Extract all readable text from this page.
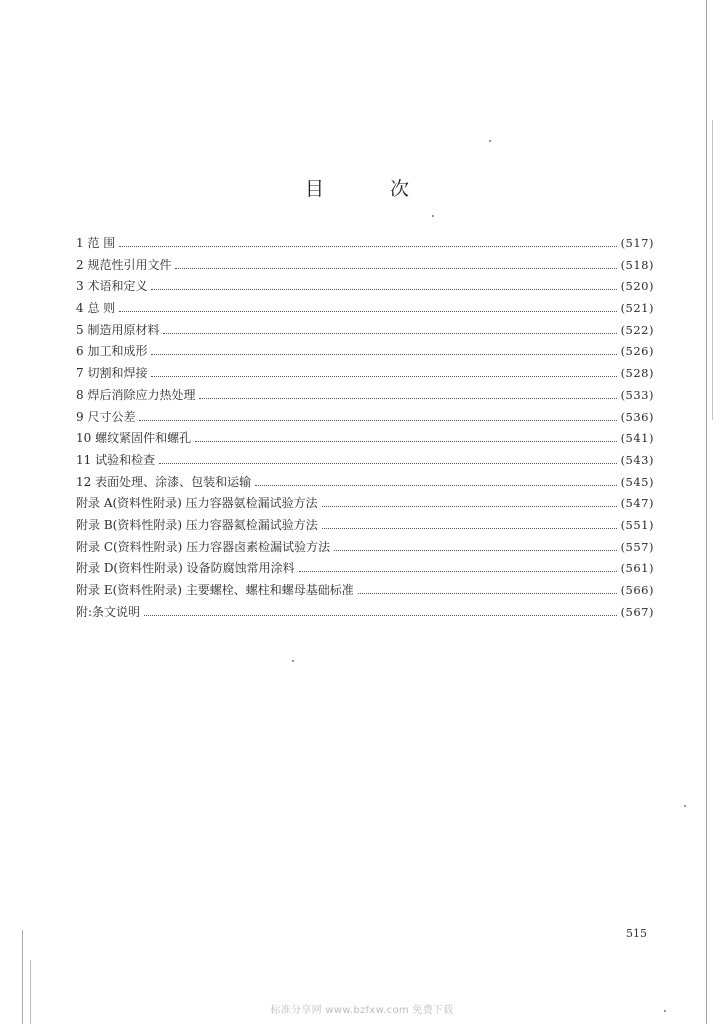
目 次
1 范 围	(517)
2 规范性引用文件	(518)
3 术语和定义	(520)
4 总 则	(521)
5 制造用原材料	(522)
6 加工和成形	(526)
7 切割和焊接	(528)
8 焊后消除应力热处理	(533)
9 尺寸公差	(536)
10 螺纹紧固件和螺孔	(541)
11 试验和检查	(543)
12 表面处理、涂漆、包装和运输	(545)
附录 A(资料性附录) 压力容器氨检漏试验方法	(547)
附录 B(资料性附录) 压力容器氦检漏试验方法	(551)
附录 C(资料性附录) 压力容器卤素检漏试验方法	(557)
附录 D(资料性附录) 设备防腐蚀常用涂料	(561)
附录 E(资料性附录) 主要螺栓、螺柱和螺母基础标准	(566)
附:条文说明	(567)
515
标准分享网 www.bzfxw.com 免费下载
